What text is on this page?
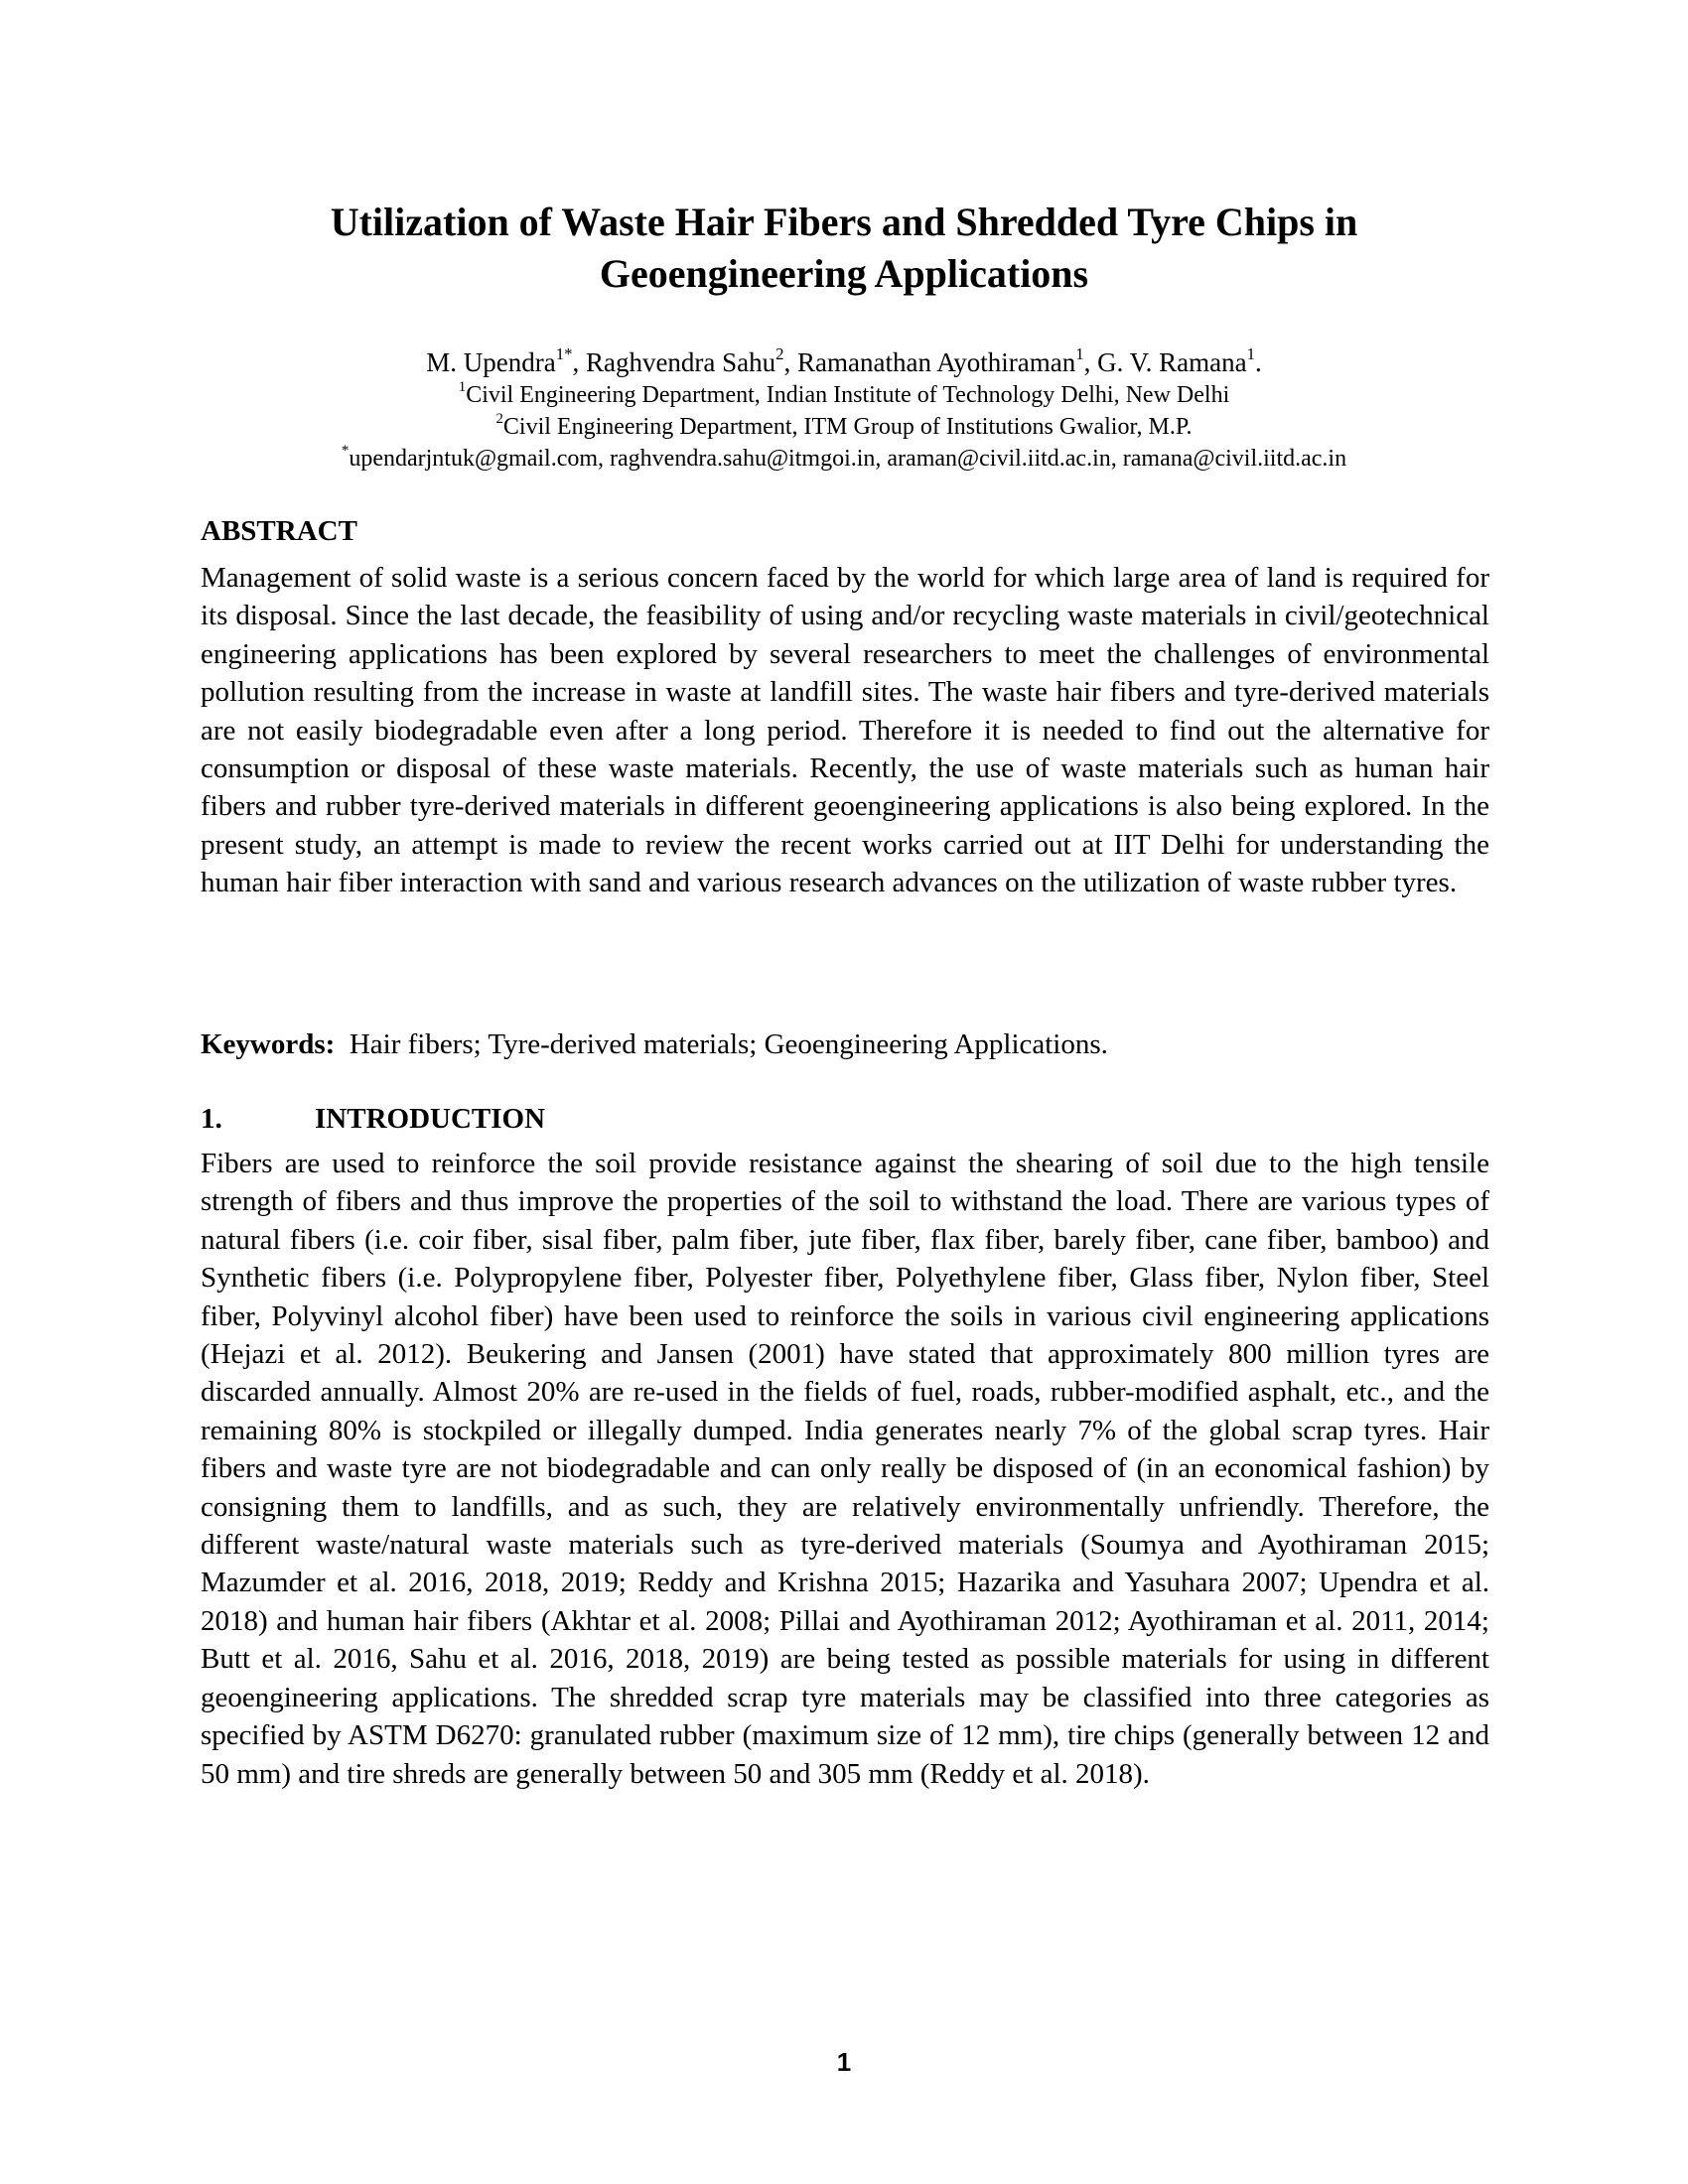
Utilization of Waste Hair Fibers and Shredded Tyre Chips in
Geoengineering Applications
M. Upendra$^{1*}$, Raghvendra Sahu$^2$, Ramanathan Ayothiraman$^1$, G. V. Ramana$^1$.
$^1$Civil Engineering Department, Indian Institute of Technology Delhi, New Delhi
$^2$Civil Engineering Department, ITM Group of Institutions Gwalior, M.P.
*upendarjntuk@gmail.com, raghvendra.sahu@itmgoi.in, araman@civil.iitd.ac.in, ramana@civil.iitd.ac.in
ABSTRACT

Management of solid waste is a serious concern faced by the world for which large area of land is required for its disposal. Since the last decade, the feasibility of using and/or recycling waste materials in civil/geotechnical engineering applications has been explored by several researchers to meet the challenges of environmental pollution resulting from the increase in waste at landfill sites. The waste hair fibers and tyre-derived materials are not easily biodegradable even after a long period. Therefore it is needed to find out the alternative for consumption or disposal of these waste materials. Recently, the use of waste materials such as human hair fibers and rubber tyre-derived materials in different geoengineering applications is also being explored. In the present study, an attempt is made to review the recent works carried out at IIT Delhi for understanding the human hair fiber interaction with sand and various research advances on the utilization of waste rubber tyres.

Keywords: Hair fibers; Tyre-derived materials; Geoengineering Applications.

1.	INTRODUCTION

Fibers are used to reinforce the soil provide resistance against the shearing of soil due to the high tensile strength of fibers and thus improve the properties of the soil to withstand the load. There are various types of natural fibers (i.e. coir fiber, sisal fiber, palm fiber, jute fiber, flax fiber, barely fiber, cane fiber, bamboo) and Synthetic fibers (i.e. Polypropylene fiber, Polyester fiber, Polyethylene fiber, Glass fiber, Nylon fiber, Steel fiber, Polyvinyl alcohol fiber) have been used to reinforce the soils in various civil engineering applications (Hejazi et al. 2012). Beukering and Jansen (2001) have stated that approximately 800 million tyres are discarded annually. Almost 20% are re-used in the fields of fuel, roads, rubber-modified asphalt, etc., and the remaining 80% is stockpiled or illegally dumped. India generates nearly 7% of the global scrap tyres. Hair fibers and waste tyre are not biodegradable and can only really be disposed of (in an economical fashion) by consigning them to landfills, and as such, they are relatively environmentally unfriendly. Therefore, the different waste/natural waste materials such as tyre-derived materials (Soumya and Ayothiraman 2015; Mazumder et al. 2016, 2018, 2019; Reddy and Krishna 2015; Hazarika and Yasuhara 2007; Upendra et al. 2018) and human hair fibers (Akhtar et al. 2008; Pillai and Ayothiraman 2012; Ayothiraman et al. 2011, 2014; Butt et al. 2016, Sahu et al. 2016, 2018, 2019) are being tested as possible materials for using in different geoengineering applications. The shredded scrap tyre materials may be classified into three categories as specified by ASTM D6270: granulated rubber (maximum size of 12 mm), tire chips (generally between 12 and 50 mm) and tire shreds are generally between 50 and 305 mm (Reddy et al. 2018).

1
